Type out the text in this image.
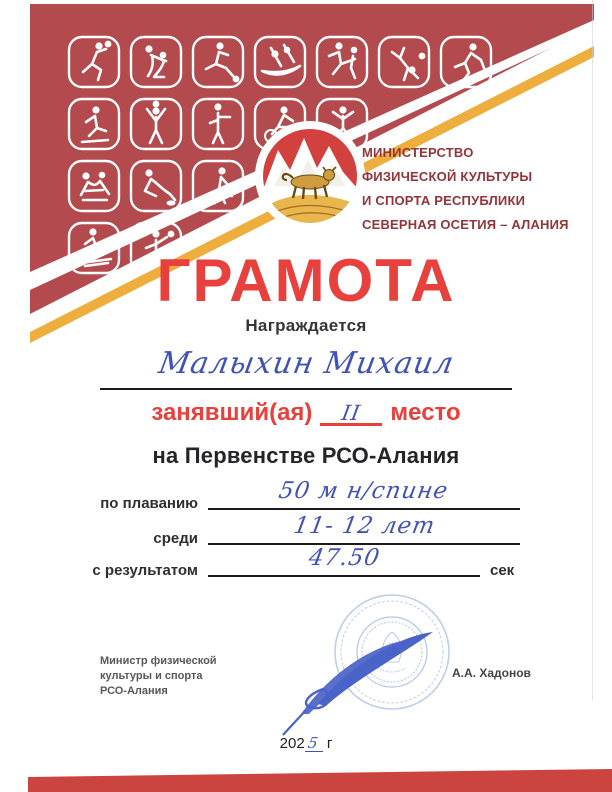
МИНИСТЕРСТВО
ФИЗИЧЕСКОЙ КУЛЬТУРЫ
И СПОРТА РЕСПУБЛИКИ
СЕВЕРНАЯ ОСЕТИЯ – АЛАНИЯ
ГРАМОТА
Награждается
Малыхин Михаил
занявший(ая) II место
на Первенстве РСО-Алания
по плаванию	50 м н/спине
среди	11- 12 лет
с результатом	47.50	сек
Министр физической
культуры и спорта
РСО-Алания
А.А. Хадонов
202 5 г
